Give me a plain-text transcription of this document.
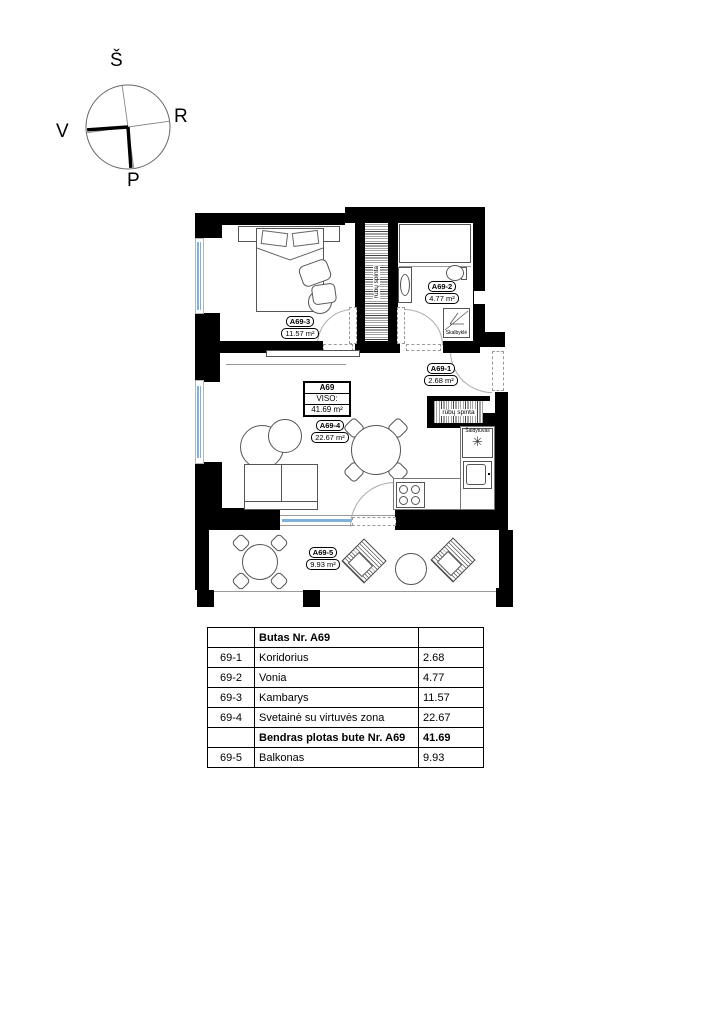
Š
R
V
P
rūbų spinta
rūbų spinta
Skalbyklė
Šaldytuvas
✳
A69
VISO:
41.69 m²
A69-3
11.57 m²
A69-2
4.77 m²
A69-1
2.68 m²
A69-4
22.67 m²
A69-5
9.93 m²
	Butas Nr. A69	
69-1	Koridorius	2.68
69-2	Vonia	4.77
69-3	Kambarys	11.57
69-4	Svetainė su virtuvės zona	22.67
	Bendras plotas bute Nr. A69	41.69
69-5	Balkonas	9.93
